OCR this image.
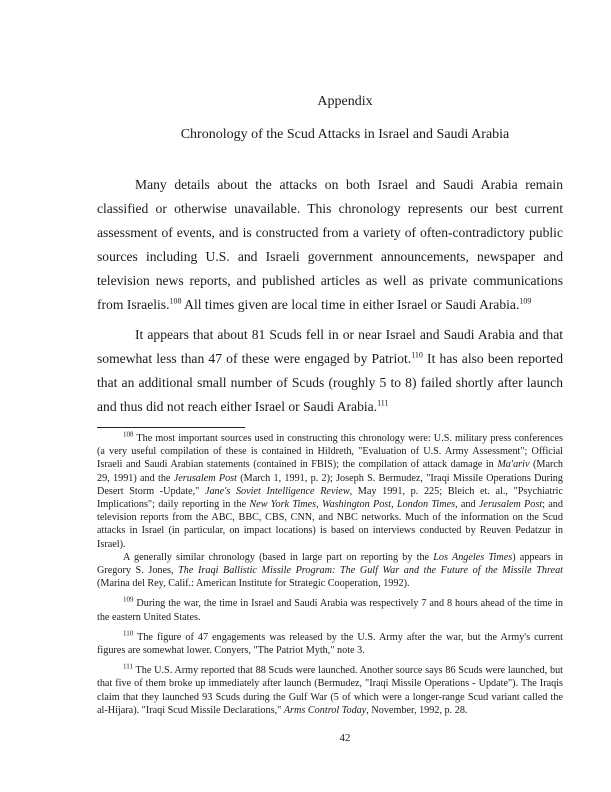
Appendix
Chronology of the Scud Attacks in Israel and Saudi Arabia

Many details about the attacks on both Israel and Saudi Arabia remain classified or otherwise unavailable. This chronology represents our best current assessment of events, and is constructed from a variety of often-contradictory public sources including U.S. and Israeli government announcements, newspaper and television news reports, and published articles as well as private communications from Israelis.$^{108}$ All times given are local time in either Israel or Saudi Arabia.$^{109}$

It appears that about 81 Scuds fell in or near Israel and Saudi Arabia and that somewhat less than 47 of these were engaged by Patriot.$^{110}$ It has also been reported that an additional small number of Scuds (roughly 5 to 8) failed shortly after launch and thus did not reach either Israel or Saudi Arabia.$^{111}$

$^{108}$ The most important sources used in constructing this chronology were: U.S. military press conferences (a very useful compilation of these is contained in Hildreth, "Evaluation of U.S. Army Assessment"; Official Israeli and Saudi Arabian statements (contained in FBIS); the compilation of attack damage in Ma'ariv (March 29, 1991) and the Jerusalem Post (March 1, 1991, p. 2); Joseph S. Bermudez, "Iraqi Missile Operations During Desert Storm -Update," Jane's Soviet Intelligence Review, May 1991, p. 225; Bleich et. al., "Psychiatric Implications"; daily reporting in the New York Times, Washington Post, London Times, and Jerusalem Post; and television reports from the ABC, BBC, CBS, CNN, and NBC networks. Much of the information on the Scud attacks in Israel (in particular, on impact locations) is based on interviews conducted by Reuven Pedatzur in Israel).

A generally similar chronology (based in large part on reporting by the Los Angeles Times) appears in Gregory S. Jones, The Iraqi Ballistic Missile Program: The Gulf War and the Future of the Missile Threat (Marina del Rey, Calif.: American Institute for Strategic Cooperation, 1992).

$^{109}$ During the war, the time in Israel and Saudi Arabia was respectively 7 and 8 hours ahead of the time in the eastern United States.

$^{110}$ The figure of 47 engagements was released by the U.S. Army after the war, but the Army's current figures are somewhat lower. Conyers, "The Patriot Myth," note 3.

$^{111}$ The U.S. Army reported that 88 Scuds were launched. Another source says 86 Scuds were launched, but that five of them broke up immediately after launch (Bermudez, "Iraqi Missile Operations - Update"). The Iraqis claim that they launched 93 Scuds during the Gulf War (5 of which were a longer-range Scud variant called the al-Hijara). "Iraqi Scud Missile Declarations," Arms Control Today, November, 1992, p. 28.

42
